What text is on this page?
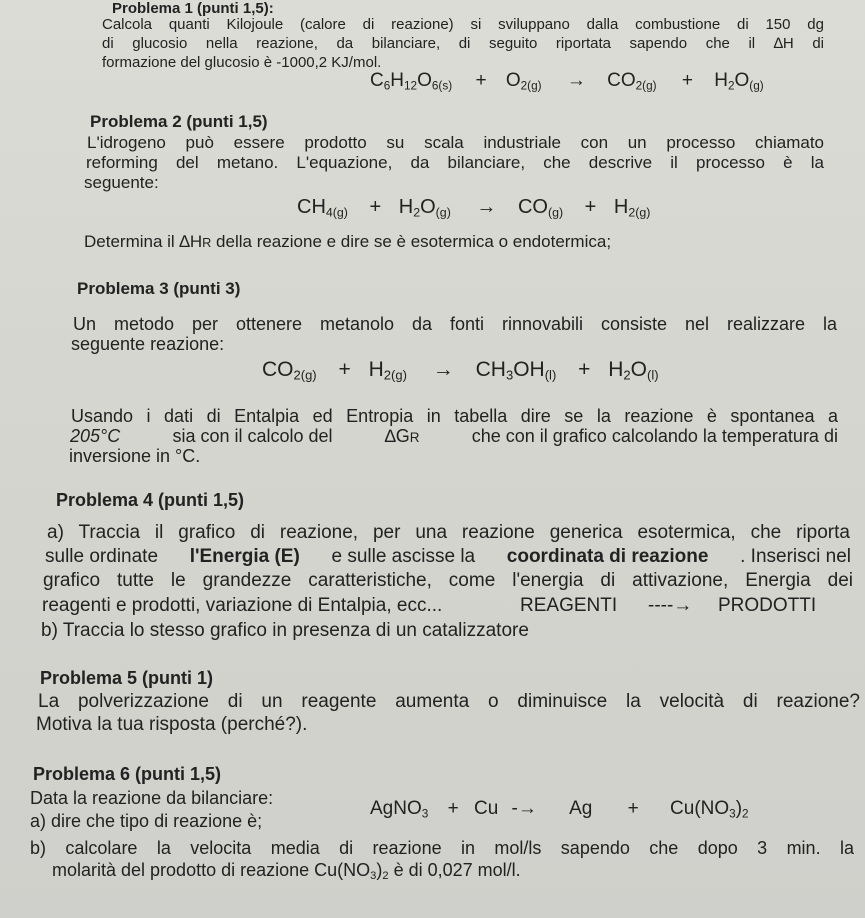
Problema 1 (punti 1,5):
Calcola quanti Kilojoule (calore di reazione) si sviluppano dalla combustione di 150 dg
di glucosio nella reazione, da bilanciare, di seguito riportata sapendo che il ∆H di
formazione del glucosio è -1000,2 KJ/mol.
$C_6H_{12}O_{6(s)} + O_{2(g)} \to CO_{2(g)} + H_2O_{(g)}$
Problema 2 (punti 1,5)
L'idrogeno può essere prodotto su scala industriale con un processo chiamato
reforming del metano. L'equazione, da bilanciare, che descrive il processo è la
seguente:
$CH_{4(g)} + H_2O_{(g)} \to CO_{(g)} + H_{2(g)}$
Determina il ∆HR della reazione e dire se è esotermica o endotermica;
Problema 3 (punti 3)
Un metodo per ottenere metanolo da fonti rinnovabili consiste nel realizzare la
seguente reazione:
$CO_{2(g)} + H_{2(g)} \to CH_3OH_{(l)} + H_2O_{(l)}$
Usando i dati di Entalpia ed Entropia in tabella dire se la reazione è spontanea a
205°C	sia con il calcolo del	∆GR	che con il grafico calcolando la temperatura di
inversione in °C.
Problema 4 (punti 1,5)
a) Traccia il grafico di reazione, per una reazione generica esotermica, che riporta
sulle ordinate l'Energia (E) e sulle ascisse la coordinata di reazione . Inserisci nel
grafico tutte le grandezze caratteristiche, come l'energia di attivazione, Energia dei
reagenti e prodotti, variazione di Entalpia, ecc...	REAGENTI ----→ PRODOTTI
b) Traccia lo stesso grafico in presenza di un catalizzatore
Problema 5 (punti 1)
La polverizzazione di un reagente aumenta o diminuisce la velocità di reazione?
Motiva la tua risposta (perché?).
Problema 6 (punti 1,5)
Data la reazione da bilanciare:	AgNO$_3$ + $Cu -\to Ag + Cu(NO_3)_2$
a) dire che tipo di reazione è;
b) calcolare la velocita media di reazione in mol/ls sapendo che dopo 3 min. la
molarità del prodotto di reazione $Cu(NO_3)_2$ è di 0,027 mol/l.
